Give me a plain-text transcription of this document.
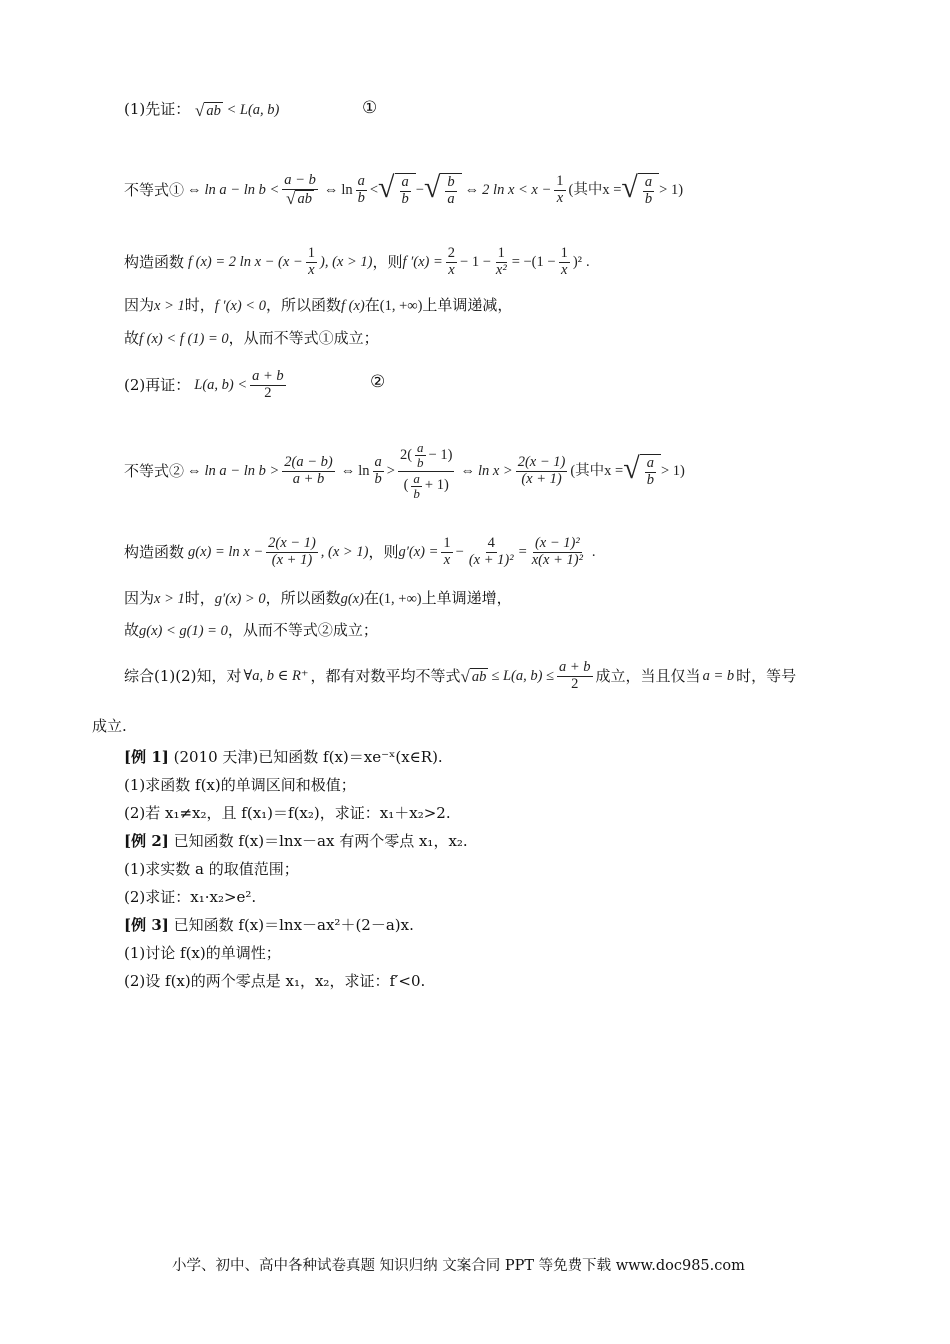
(1)先证： √ ab < L(a, b)	①
不等式① ⇔ $\ln a - \ln b < \frac{a - b}{√ ab}$ ⇔ $\ln \frac{a}{b}$ < √ $\frac{a}{b}$ − √ $\frac{b}{a}$ ⇔ 2 $\ln x < x - \frac{1}{x}$ (其中x = √ $\frac{a}{b} > 1$)
构造函数 f (x) = 2 $\ln x - (x - \frac{1}{x}$ ), (x > 1) ，则 f $'(x) = \frac{2}{x} - 1 - \frac{1}{\text{x²}} = -(1 - \frac{1}{x} )^2$ .
因为x > 1时，f ′(x) < 0，所以函数f (x)在(1, +∞)上单调递减，
故f (x) < f (1) = 0，从而不等式①成立；
(2)再证： L(a, $b) < \frac{a + b}{2}$	②
不等式② ⇔ $\ln a - \ln b > \frac{2(a - b)}{a + b}$ ⇔ $\ln \frac{a}{b} > \frac{2( \frac{a}{b} - 1)}{( \frac{a}{b} + 1)}$ ⇔ $\ln x > \frac{2(x - 1)}{(x + 1)}$ (其中x = √ $\frac{a}{b} > 1$)
构造函数 $g(x) = \ln x - \frac{2(x - 1)}{(x + 1)}$ , (x > 1) ，则 $g'(x) = \frac{1}{x} - \frac{4}{\text{(x + 1)²}} = \frac{\text{(x − 1)²}}{\text{x(x + 1)²}}$ .
因为x > 1时，g′(x) > 0，所以函数g(x)在(1, +∞)上单调递增，
故g(x) < g(1) = 0，从而不等式②成立；
综合(1)(2)知，对 ∀a, b ∈ R⁺ ，都有对数平均不等式 √ ab ≤ L(a, $b) \le \frac{a + b}{2}$ 成立，当且仅当 a = b 时，等号
成立.
[例 1] (2010 天津)已知函数 f(x)＝xe⁻ˣ(x∈R).
(1)求函数 f(x)的单调区间和极值；
(2)若 x₁≠x₂，且 f(x₁)＝f(x₂)，求证：x₁＋x₂>2.
[例 2] 已知函数 f(x)＝lnx－ax 有两个零点 x₁，x₂.
(1)求实数 a 的取值范围；
(2)求证：x₁·x₂>e².
[例 3] 已知函数 f(x)＝lnx－ax²＋(2－a)x.
(1)讨论 f(x)的单调性；
(2)设 f(x)的两个零点是 x₁，x₂，求证：f′<0.
小学、初中、高中各种试卷真题 知识归纳 文案合同 PPT 等免费下载 www.doc985.com
